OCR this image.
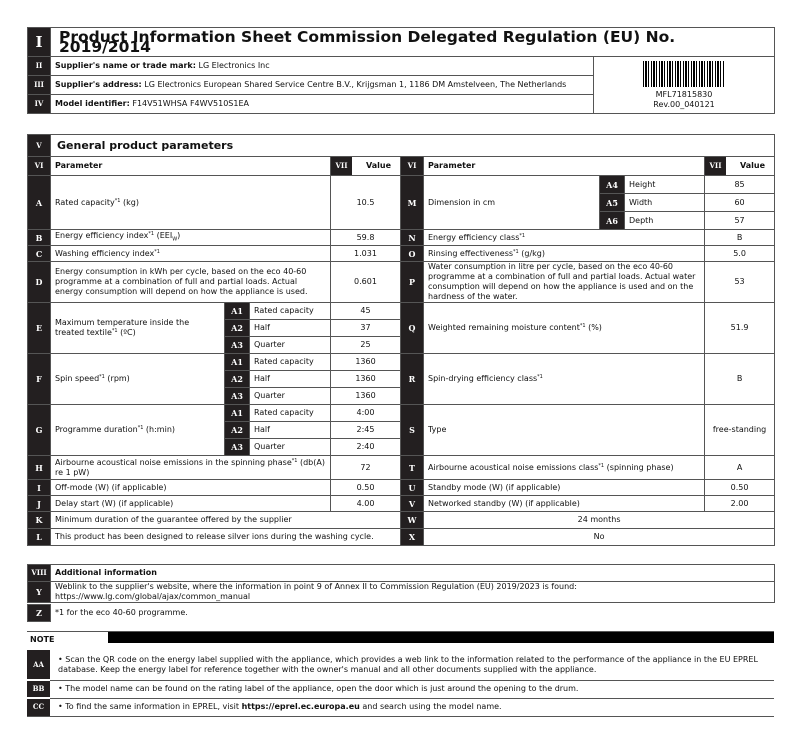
I	Product Information Sheet Commission Delegated Regulation (EU) No. 2019/2014	
II	Supplier's name or trade mark: LG Electronics Inc	MFL71815830
Rev.00_040121

III	Supplier's address: LG Electronics European Shared Service Centre B.V., Krijgsman 1, 1186 DM Amstelveen, The Netherlands	
IV	Model identifier: F14V51WHSA F4WV510S1EA	
V	General product parameters								
VI	Parameter			VII Value	VI	Parameter			VII Value
A	Rated capacity$^{*1}$ (kg)			10.5	M	Dimension in cm	A4	Height	85
							A5	Width	60
							A6	Depth	57
B	Energy efficiency index$^{*1}$ $(EEI_W)$			59.8	N	Energy efficiency class$^{*1}$			B
C	Washing efficiency index$^{*1}$			1.031	O	Rinsing effectiveness$^{*1}$ (g/kg)			5.0
D	Energy consumption in kWh per cycle, based on the eco 40-60 programme at a combination of full and partial loads. Actual energy consumption will depend on how the appliance is used.			0.601	P	Water consumption in litre per cycle, based on the eco 40-60 programme at a combination of full and partial loads. Actual water consumption will depend on how the appliance is used and on the hardness of the water.			53
E	Maximum temperature inside the treated textile$^{*1}$ (ºC)	A1	Rated capacity	45	Q	Weighted remaining moisture content$^{*1}$ (%)			51.9
		A2	Half	37					
		A3	Quarter	25					
F	Spin speed$^{*1}$ (rpm)	A1	Rated capacity	1360	R	Spin-drying efficiency class$^{*1}$			B
		A2	Half	1360					
		A3	Quarter	1360					
G	Programme duration$^{*1}$ (h:min)	A1	Rated capacity	4:00	S	Type			free-standing
		A2	Half	2:45					
		A3	Quarter	2:40					
H	Airbourne acoustical noise emissions in the spinning phase$^{*1}$ (db(A) re 1 pW)			72	T	Airbourne acoustical noise emissions class$^{*1}$ (spinning phase)			A
I	Off-mode (W) (if applicable)			0.50	U	Standby mode (W) (if applicable)			0.50
J	Delay start (W) (if applicable)			4.00	V	Networked standby (W) (if applicable)			2.00
K	Minimum duration of the guarantee offered by the supplier				W	24 months			
L	This product has been designed to release silver ions during the washing cycle.				X	No			
VIII	Additional information
Y	Weblink to the supplier's website, where the information in point 9 of Annex II to Commission Regulation (EU) 2019/2023 is found: https://www.lg.com/global/ajax/common_manual
Z	*1 for the eco 40-60 programme.
NOTE
AA	• Scan the QR code on the energy label supplied with the appliance, which provides a web link to the information related to the performance of the appliance in the EU EPREL database. Keep the energy label for reference together with the owner's manual and all other documents supplied with the appliance.
BB	• The model name can be found on the rating label of the appliance, open the door which is just around the opening to the drum.
CC	• To find the same information in EPREL, visit https://eprel.ec.europa.eu and search using the model name.
